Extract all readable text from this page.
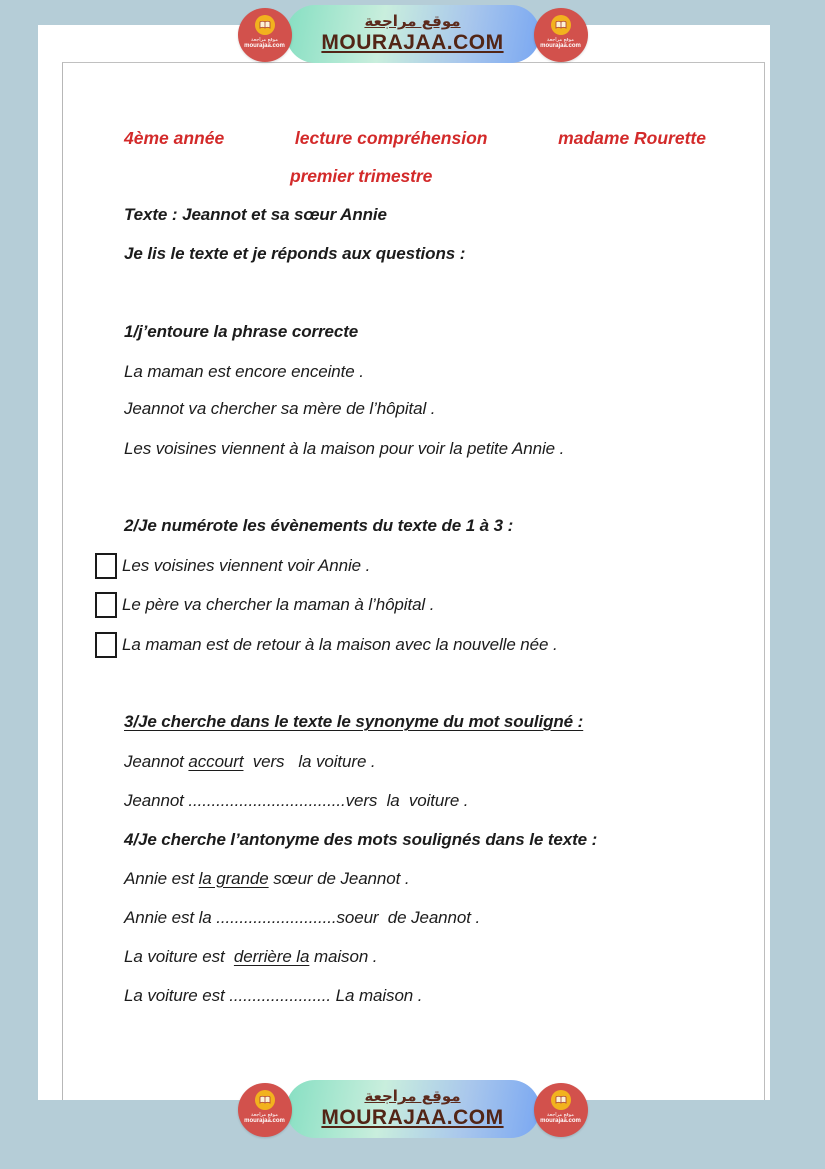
موقع مراجعة
MOURAJAA.COM
موقع مراجعة
mourajaa.com
موقع مراجعة
mourajaa.com
4ème année	lecture compréhension	madame Rourette
premier trimestre
Texte : Jeannot et sa sœur Annie
Je lis le texte et je réponds aux questions :
1/j’entoure la phrase correcte
La maman est encore enceinte .
Jeannot va chercher sa mère de l’hôpital .
Les voisines viennent à la maison pour voir la petite Annie .
2/Je numérote les évènements du texte de 1 à 3 :
Les voisines viennent voir Annie .
Le père va chercher la maman à l’hôpital .
La maman est de retour à la maison avec la nouvelle née .
3/Je cherche dans le texte le synonyme du mot souligné :
Jeannot accourt  vers   la voiture .
Jeannot ..................................vers  la  voiture .
4/Je cherche l’antonyme des mots soulignés dans le texte :
Annie est la grande sœur de Jeannot .
Annie est la ..........................soeur  de Jeannot .
La voiture est  derrière la maison .
La voiture est ...................... La maison .
موقع مراجعة
MOURAJAA.COM
موقع مراجعة
mourajaa.com
موقع مراجعة
mourajaa.com
